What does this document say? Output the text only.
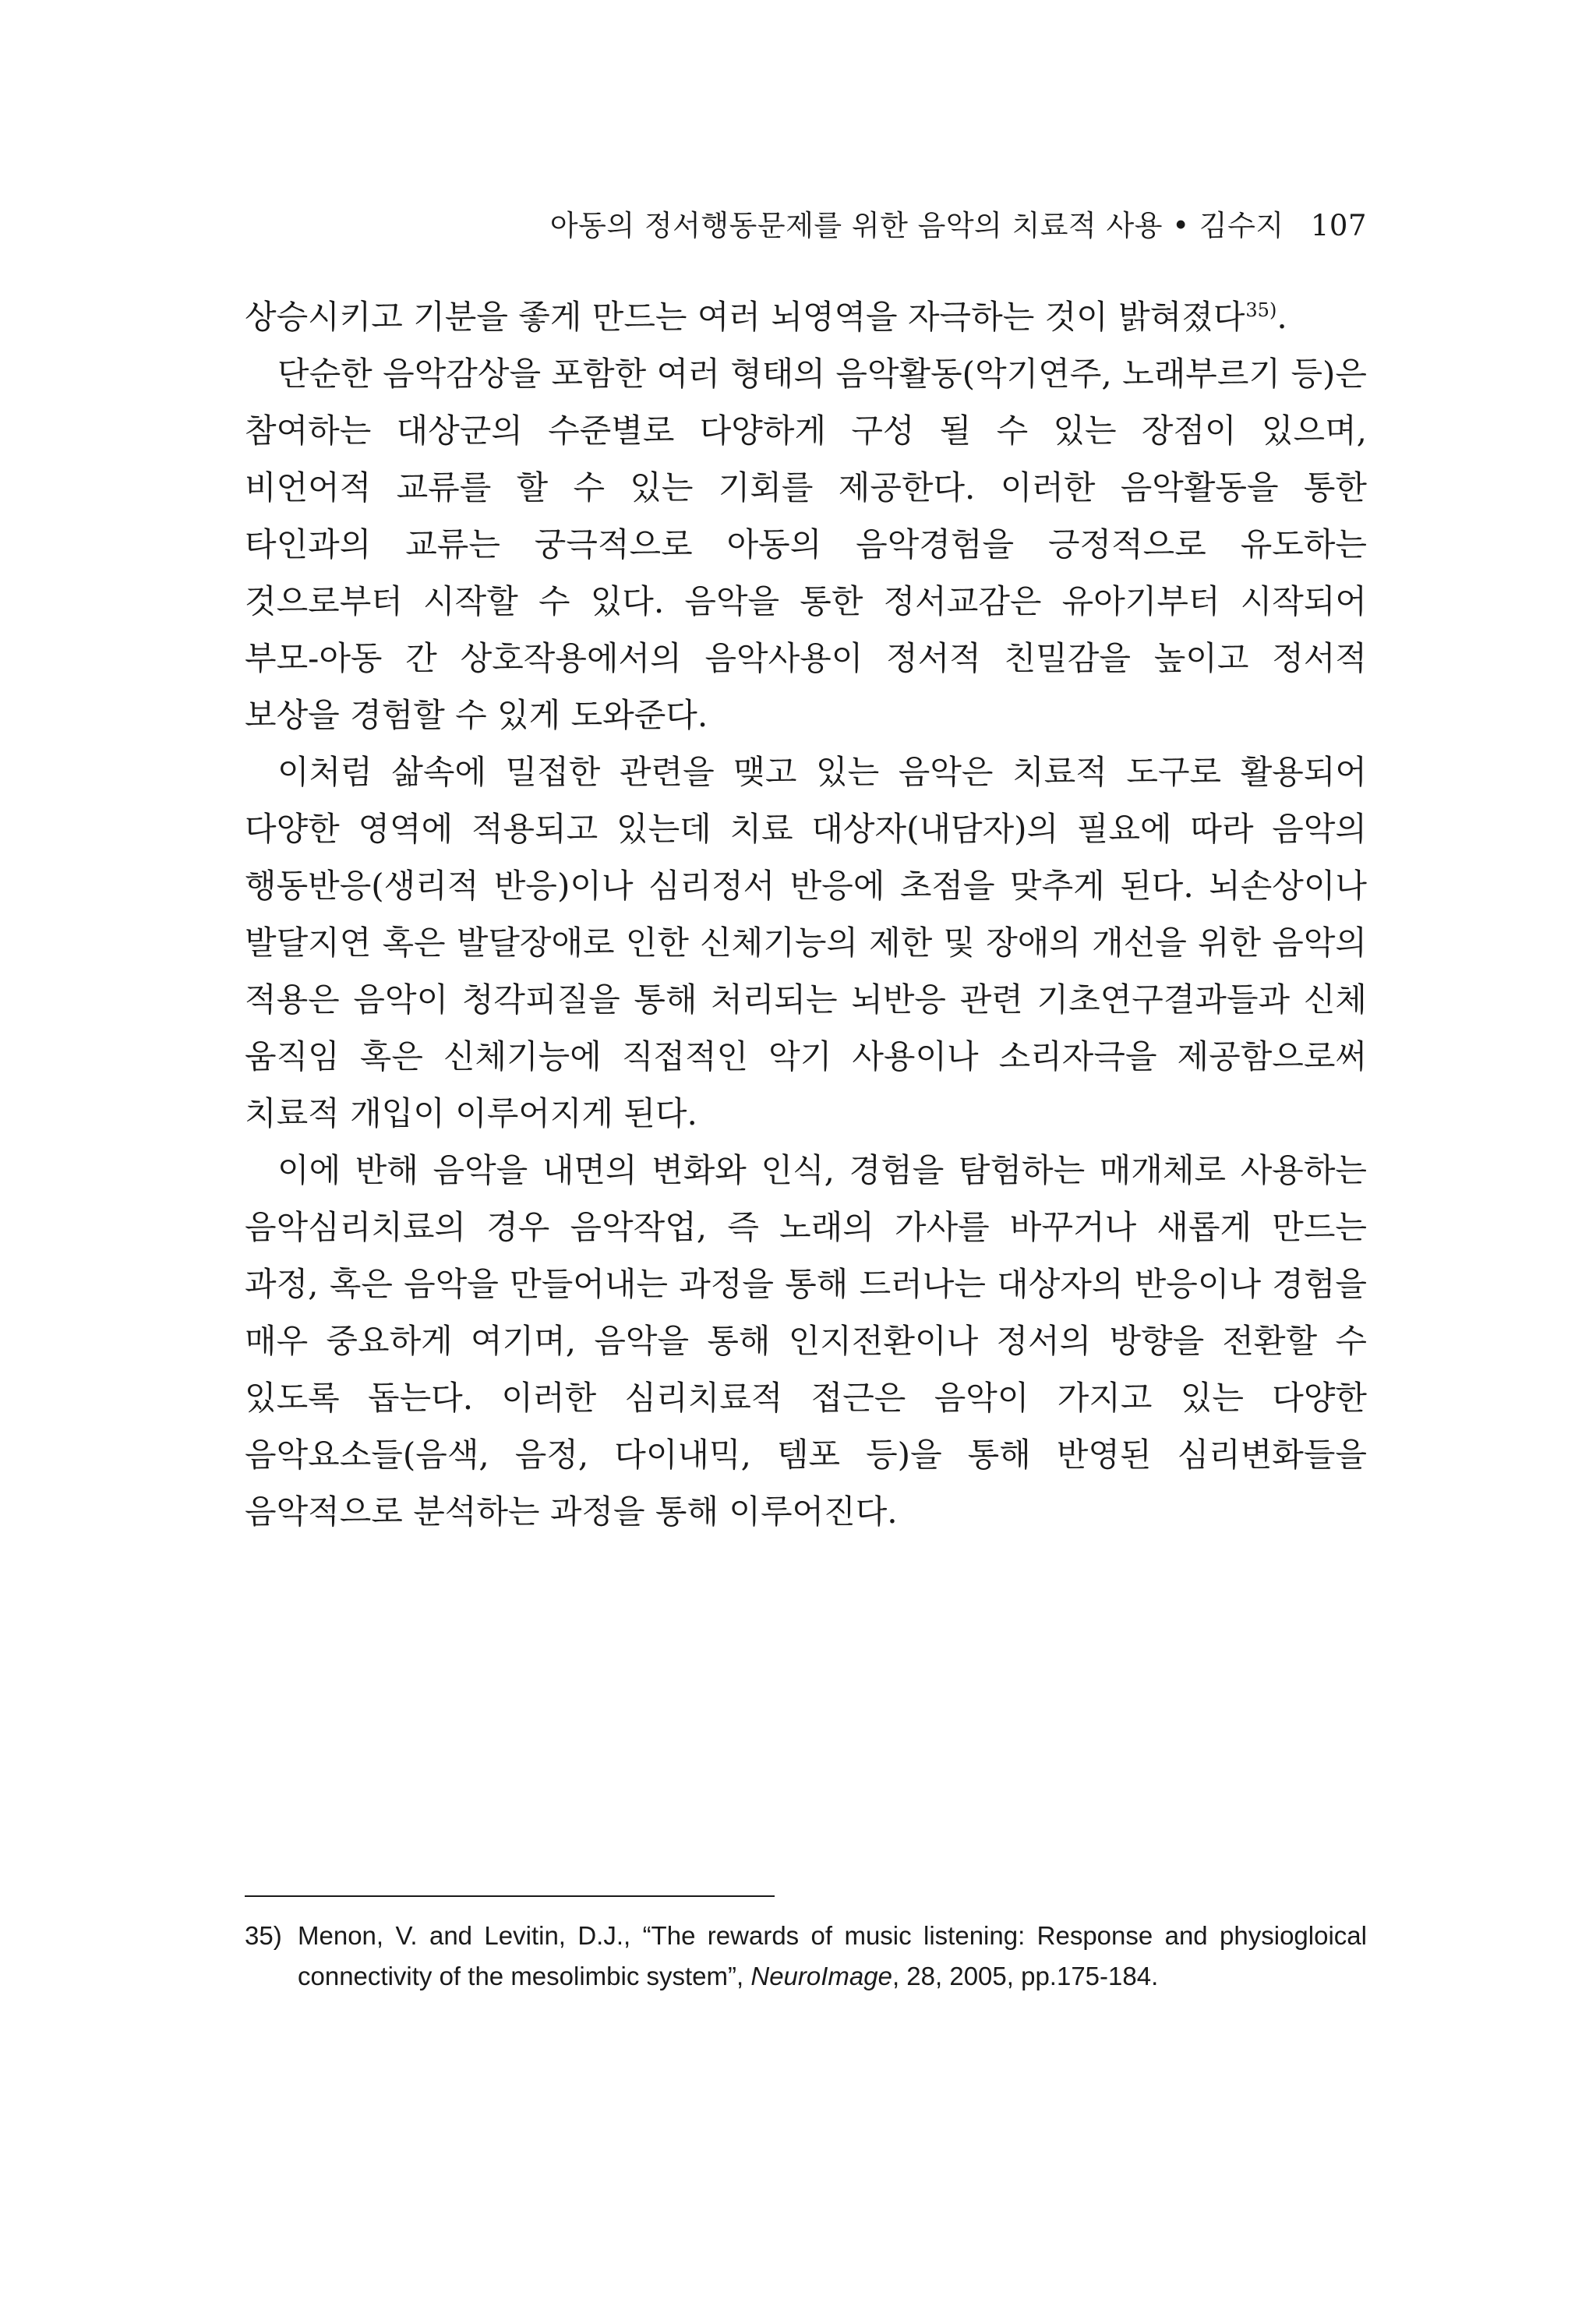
아동의 정서행동문제를 위한 음악의 치료적 사용 • 김수지 107

상승시키고 기분을 좋게 만드는 여러 뇌영역을 자극하는 것이 밝혀졌다$^{35)}$.

단순한 음악감상을 포함한 여러 형태의 음악활동(악기연주, 노래부르기 등)은 참여하는 대상군의 수준별로 다양하게 구성 될 수 있는 장점이 있으며, 비언어적 교류를 할 수 있는 기회를 제공한다. 이러한 음악활동을 통한 타인과의 교류는 궁극적으로 아동의 음악경험을 긍정적으로 유도하는 것으로부터 시작할 수 있다. 음악을 통한 정서교감은 유아기부터 시작되어 부모-아동 간 상호작용에서의 음악사용이 정서적 친밀감을 높이고 정서적 보상을 경험할 수 있게 도와준다.

이처럼 삶속에 밀접한 관련을 맺고 있는 음악은 치료적 도구로 활용되어 다양한 영역에 적용되고 있는데 치료 대상자(내담자)의 필요에 따라 음악의 행동반응(생리적 반응)이나 심리정서 반응에 초점을 맞추게 된다. 뇌손상이나 발달지연 혹은 발달장애로 인한 신체기능의 제한 및 장애의 개선을 위한 음악의 적용은 음악이 청각피질을 통해 처리되는 뇌반응 관련 기초연구결과들과 신체 움직임 혹은 신체기능에 직접적인 악기 사용이나 소리자극을 제공함으로써 치료적 개입이 이루어지게 된다.

이에 반해 음악을 내면의 변화와 인식, 경험을 탐험하는 매개체로 사용하는 음악심리치료의 경우 음악작업, 즉 노래의 가사를 바꾸거나 새롭게 만드는 과정, 혹은 음악을 만들어내는 과정을 통해 드러나는 대상자의 반응이나 경험을 매우 중요하게 여기며, 음악을 통해 인지전환이나 정서의 방향을 전환할 수 있도록 돕는다. 이러한 심리치료적 접근은 음악이 가지고 있는 다양한 음악요소들(음색, 음정, 다이내믹, 템포 등)을 통해 반영된 심리변화들을 음악적으로 분석하는 과정을 통해 이루어진다.

35) Menon, V. and Levitin, D.J., “The rewards of music listening: Response and physiogloical connectivity of the mesolimbic system”, NeuroImage, 28, 2005, pp.175-184.
